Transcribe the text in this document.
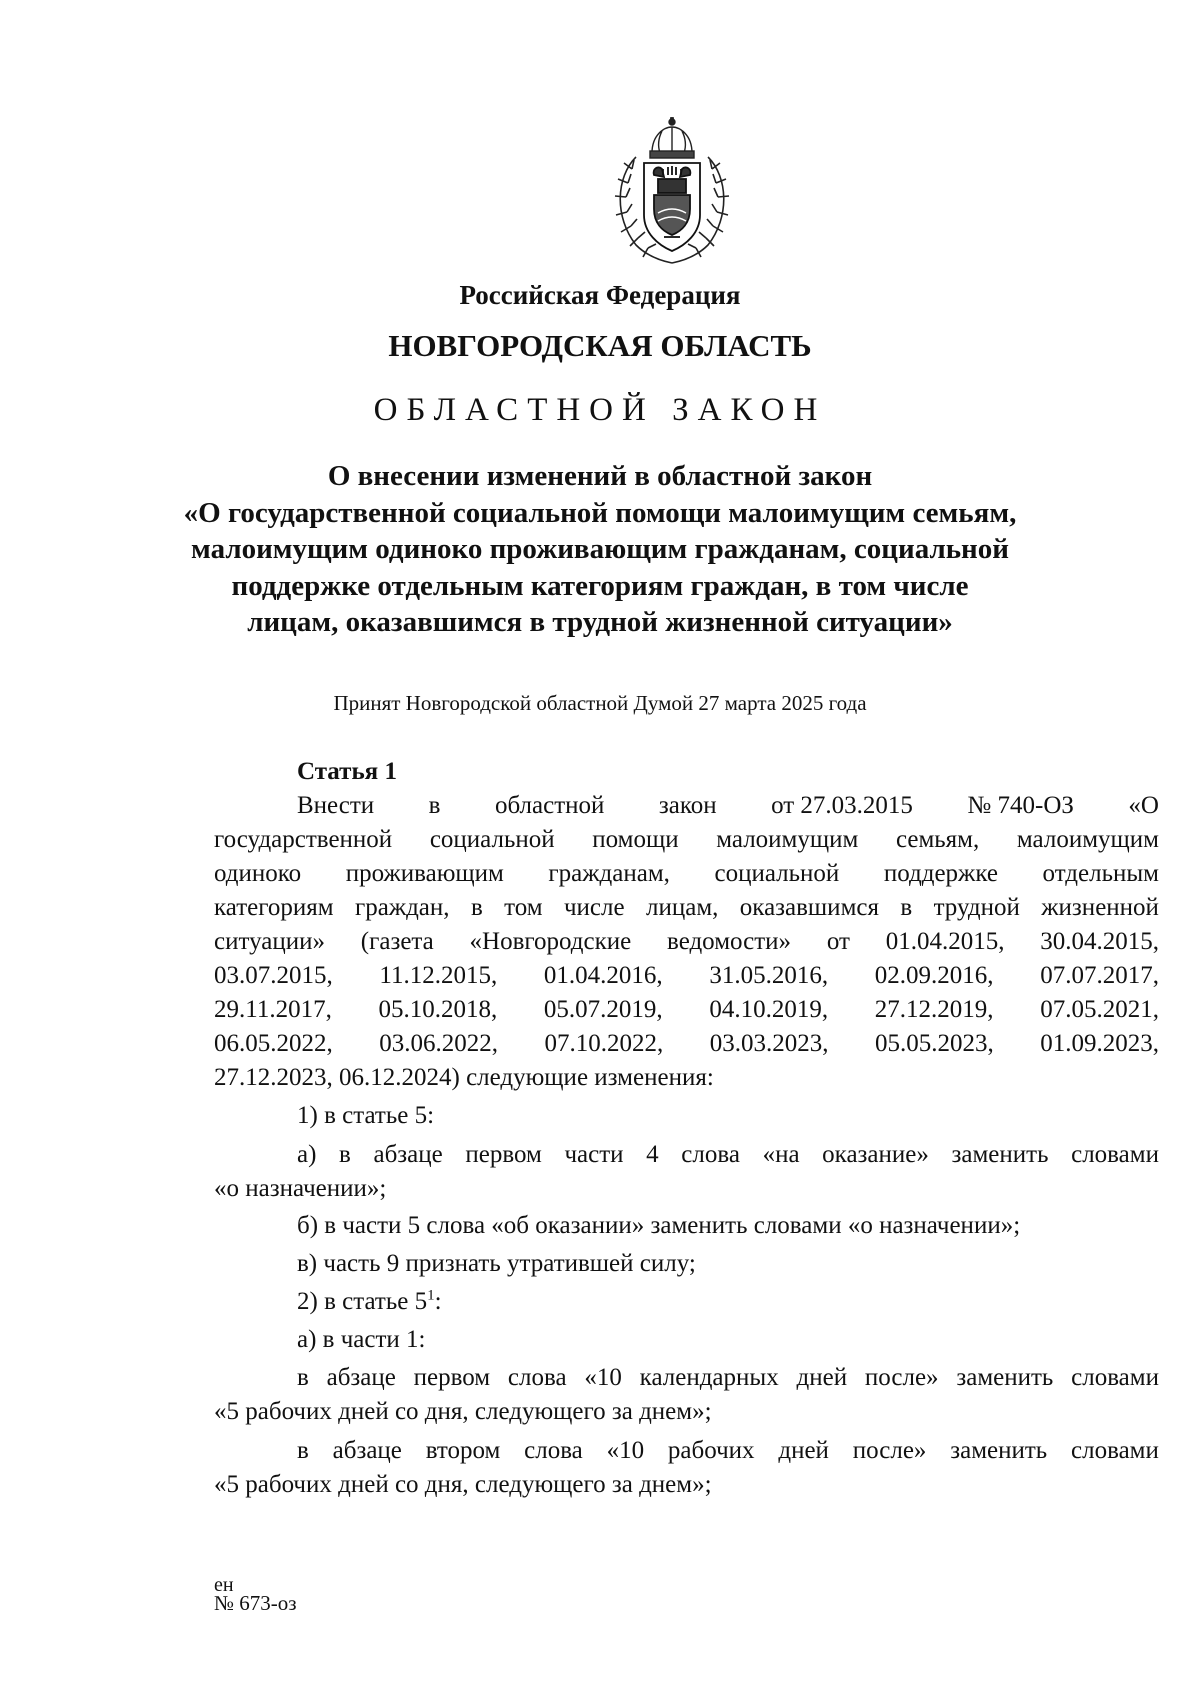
Российская Федерация
НОВГОРОДСКАЯ ОБЛАСТЬ
ОБЛАСТНОЙ ЗАКОН
О внесении изменений в областной закон
«О государственной социальной помощи малоимущим семьям,
малоимущим одиноко проживающим гражданам, социальной
поддержке отдельным категориям граждан, в том числе
лицам, оказавшимся в трудной жизненной ситуации»
Принят Новгородской областной Думой 27 марта 2025 года
Статья 1
Внести в областной закон от 27.03.2015 № 740-ОЗ «О
государственной социальной помощи малоимущим семьям, малоимущим
одиноко проживающим гражданам, социальной поддержке отдельным
категориям граждан, в том числе лицам, оказавшимся в трудной жизненной
ситуации» (газета «Новгородские ведомости» от 01.04.2015, 30.04.2015,
03.07.2015, 11.12.2015, 01.04.2016, 31.05.2016, 02.09.2016, 07.07.2017,
29.11.2017, 05.10.2018, 05.07.2019, 04.10.2019, 27.12.2019, 07.05.2021,
06.05.2022, 03.06.2022, 07.10.2022, 03.03.2023, 05.05.2023, 01.09.2023,
27.12.2023, 06.12.2024) следующие изменения:
1) в статье 5:
а) в абзаце первом части 4 слова «на оказание» заменить словами
«о назначении»;
б) в части 5 слова «об оказании» заменить словами «о назначении»;
в) часть 9 признать утратившей силу;
2) в статье $5^1$:
а) в части 1:
в абзаце первом слова «10 календарных дней после» заменить словами
«5 рабочих дней со дня, следующего за днем»;
в абзаце втором слова «10 рабочих дней после» заменить словами
«5 рабочих дней со дня, следующего за днем»;
ен
№ 673-оз
